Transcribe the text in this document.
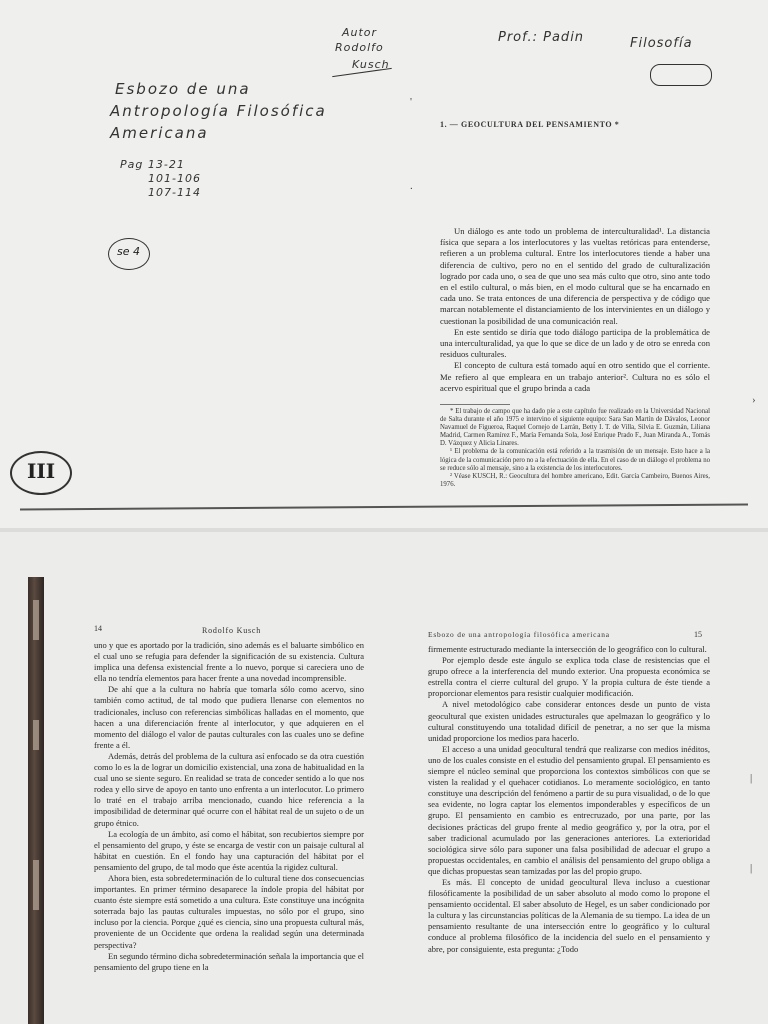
Autor
Rodolfo
Kusch
Prof.: Padin	Filosofía
Esbozo de una
Antropología Filosófica
Americana
Pag 13-21
101-106
107-114
se 4
'
.
›
1. — GEOCULTURA DEL PENSAMIENTO *

Un diálogo es ante todo un problema de interculturalidad¹. La distancia física que separa a los interlocutores y las vueltas retóricas para entenderse, refieren a un problema cultural. Entre los interlocutores tiende a haber una diferencia de cultivo, pero no en el sentido del grado de culturalización logrado por cada uno, o sea de que uno sea más culto que otro, sino ante todo en el estilo cultural, o más bien, en el modo cultural que se ha encarnado en cada uno. Se trata entonces de una diferencia de perspectiva y de código que marcan notablemente el distanciamiento de los intervinientes en un diálogo y cuestionan la posibilidad de una comunicación real.

En este sentido se diría que todo diálogo participa de la problemática de una interculturalidad, ya que lo que se dice de un lado y de otro se enreda con residuos culturales.

El concepto de cultura está tomado aquí en otro sentido que el corriente. Me refiero al que empleara en un trabajo anterior². Cultura no es sólo el acervo espiritual que el grupo brinda a cada

* El trabajo de campo que ha dado pie a este capítulo fue realizado en la Universidad Nacional de Salta durante el año 1975 e intervino el siguiente equipo: Sara San Martín de Dávalos, Leonor Navamuel de Figueroa, Raquel Cornejo de Larrán, Betty I. T. de Villa, Silvia E. Guzmán, Liliana Madrid, Carmen Ramírez F., María Fernanda Sola, José Enrique Prado F., Juan Miranda A., Tomás D. Vázquez y Alicia Linares.

¹ El problema de la comunicación está referido a la trasmisión de un mensaje. Esto hace a la lógica de la comunicación pero no a la efectuación de ella. En el caso de un diálogo el problema no se reduce sólo al mensaje, sino a la existencia de los interlocutores.

² Véase KUSCH, R.: Geocultura del hombre americano, Edit. García Cambeiro, Buenos Aires, 1976.

III
14	Rodolfo Kusch	Esbozo de una antropología filosófica americana	15

uno y que es aportado por la tradición, sino además es el baluarte simbólico en el cual uno se refugia para defender la significación de su existencia. Cultura implica una defensa existencial frente a lo nuevo, porque si careciera uno de ella no tendría elementos para hacer frente a una novedad incomprensible.

De ahí que a la cultura no habría que tomarla sólo como acervo, sino también como actitud, de tal modo que pudiera llenarse con elementos no tradicionales, incluso con referencias simbólicas halladas en el momento, que hacen a una diferenciación frente al interlocutor, y que adquieren en el momento del diálogo el valor de pautas culturales con las cuales uno se define frente a él.

Además, detrás del problema de la cultura así enfocado se da otra cuestión como lo es la de lograr un domicilio existencial, una zona de habitualidad en la cual uno se siente seguro. En realidad se trata de conceder sentido a lo que nos rodea y ello sirve de apoyo en tanto uno enfrenta a un interlocutor. Lo primero lo traté en el trabajo arriba mencionado, cuando hice referencia a la imposibilidad de determinar qué ocurre con el hábitat real de un sujeto o de un grupo étnico.

La ecología de un ámbito, así como el hábitat, son recubiertos siempre por el pensamiento del grupo, y éste se encarga de vestir con un paisaje cultural al hábitat en cuestión. En el fondo hay una capturación del hábitat por el pensamiento del grupo, de tal modo que éste acentúa la rigidez cultural.

Ahora bien, esta sobredeterminación de lo cultural tiene dos consecuencias importantes. En primer término desaparece la índole propia del hábitat por cuanto éste siempre está sometido a una cultura. Este constituye una incógnita soterrada bajo las pautas culturales impuestas, no sólo por el grupo, sino incluso por la ciencia. Porque ¿qué es ciencia, sino una propuesta cultural más, proveniente de un Occidente que ordena la realidad según una determinada perspectiva?

En segundo término dicha sobredeterminación señala la importancia que el pensamiento del grupo tiene en la

firmemente estructurado mediante la intersección de lo geográfico con lo cultural.

Por ejemplo desde este ángulo se explica toda clase de resistencias que el grupo ofrece a la interferencia del mundo exterior. Una propuesta económica se estrella contra el cierre cultural del grupo. Y la propia cultura de éste tiende a proporcionar elementos para resistir cualquier modificación.

A nivel metodológico cabe considerar entonces desde un punto de vista geocultural que existen unidades estructurales que apelmazan lo geográfico y lo cultural constituyendo una totalidad difícil de penetrar, a no ser que la misma unidad proporcione los medios para hacerlo.

El acceso a una unidad geocultural tendrá que realizarse con medios inéditos, uno de los cuales consiste en el estudio del pensamiento grupal. El pensamiento es siempre el núcleo seminal que proporciona los contextos simbólicos con que se visten la realidad y el quehacer cotidianos. Lo meramente sociológico, en tanto constituye una descripción del fenómeno a partir de su pura visualidad, o de lo que sea evidente, no logra captar los elementos imponderables y específicos de un grupo. El pensamiento en cambio es entrecruzado, por una parte, por las decisiones prácticas del grupo frente al medio geográfico y, por la otra, por el saber tradicional acumulado por las generaciones anteriores. La exterioridad sociológica sirve sólo para suponer una falsa posibilidad de adecuar el grupo a propuestas occidentales, en cambio el análisis del pensamiento del grupo obliga a que dichas propuestas sean tamizadas por las del propio grupo.

Es más. El concepto de unidad geocultural lleva incluso a cuestionar filosóficamente la posibilidad de un saber absoluto al modo como lo propone el pensamiento occidental. El saber absoluto de Hegel, es un saber condicionado por la cultura y las circunstancias políticas de la Alemania de su tiempo. La idea de un pensamiento resultante de una intersección entre lo geográfico y lo cultural conduce al problema filosófico de la incidencia del suelo en el pensamiento y abre, por consiguiente, esta pregunta: ¿Todo

|
|
